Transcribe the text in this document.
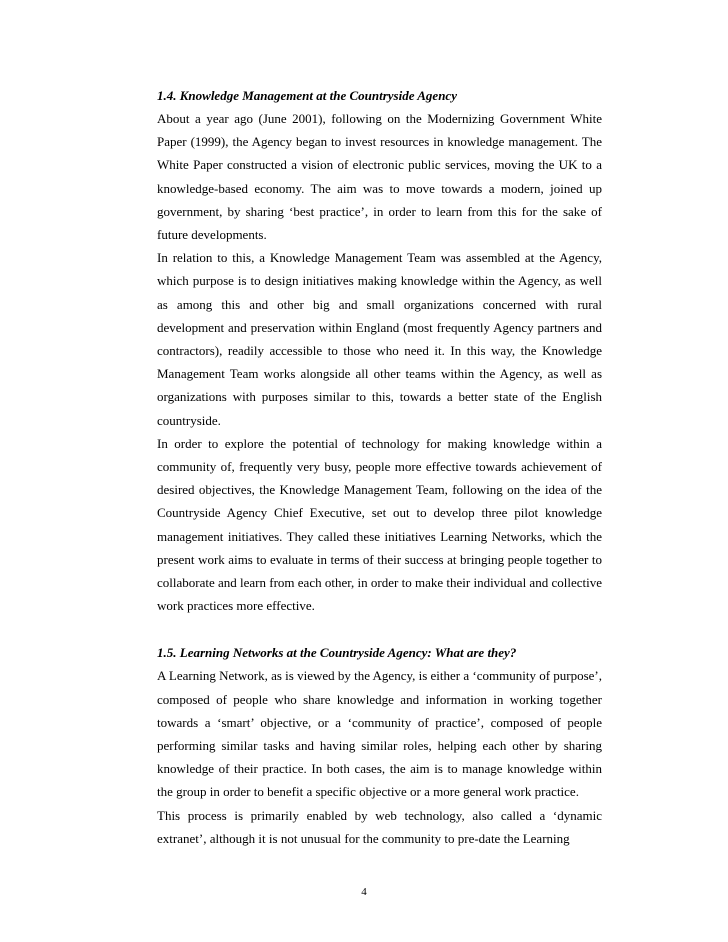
1.4. Knowledge Management at the Countryside Agency

About a year ago (June 2001), following on the Modernizing Government White Paper (1999), the Agency began to invest resources in knowledge management. The White Paper constructed a vision of electronic public services, moving the UK to a knowledge-based economy. The aim was to move towards a modern, joined up government, by sharing ‘best practice’, in order to learn from this for the sake of future developments.

In relation to this, a Knowledge Management Team was assembled at the Agency, which purpose is to design initiatives making knowledge within the Agency, as well as among this and other big and small organizations concerned with rural development and preservation within England (most frequently Agency partners and contractors), readily accessible to those who need it. In this way, the Knowledge Management Team works alongside all other teams within the Agency, as well as organizations with purposes similar to this, towards a better state of the English countryside.

In order to explore the potential of technology for making knowledge within a community of, frequently very busy, people more effective towards achievement of desired objectives, the Knowledge Management Team, following on the idea of the Countryside Agency Chief Executive, set out to develop three pilot knowledge management initiatives. They called these initiatives Learning Networks, which the present work aims to evaluate in terms of their success at bringing people together to collaborate and learn from each other, in order to make their individual and collective work practices more effective.

1.5. Learning Networks at the Countryside Agency: What are they?

A Learning Network, as is viewed by the Agency, is either a ‘community of purpose’, composed of people who share knowledge and information in working together towards a ‘smart’ objective, or a ‘community of practice’, composed of people performing similar tasks and having similar roles, helping each other by sharing knowledge of their practice. In both cases, the aim is to manage knowledge within the group in order to benefit a specific objective or a more general work practice.

This process is primarily enabled by web technology, also called a ‘dynamic extranet’, although it is not unusual for the community to pre-date the Learning

4
